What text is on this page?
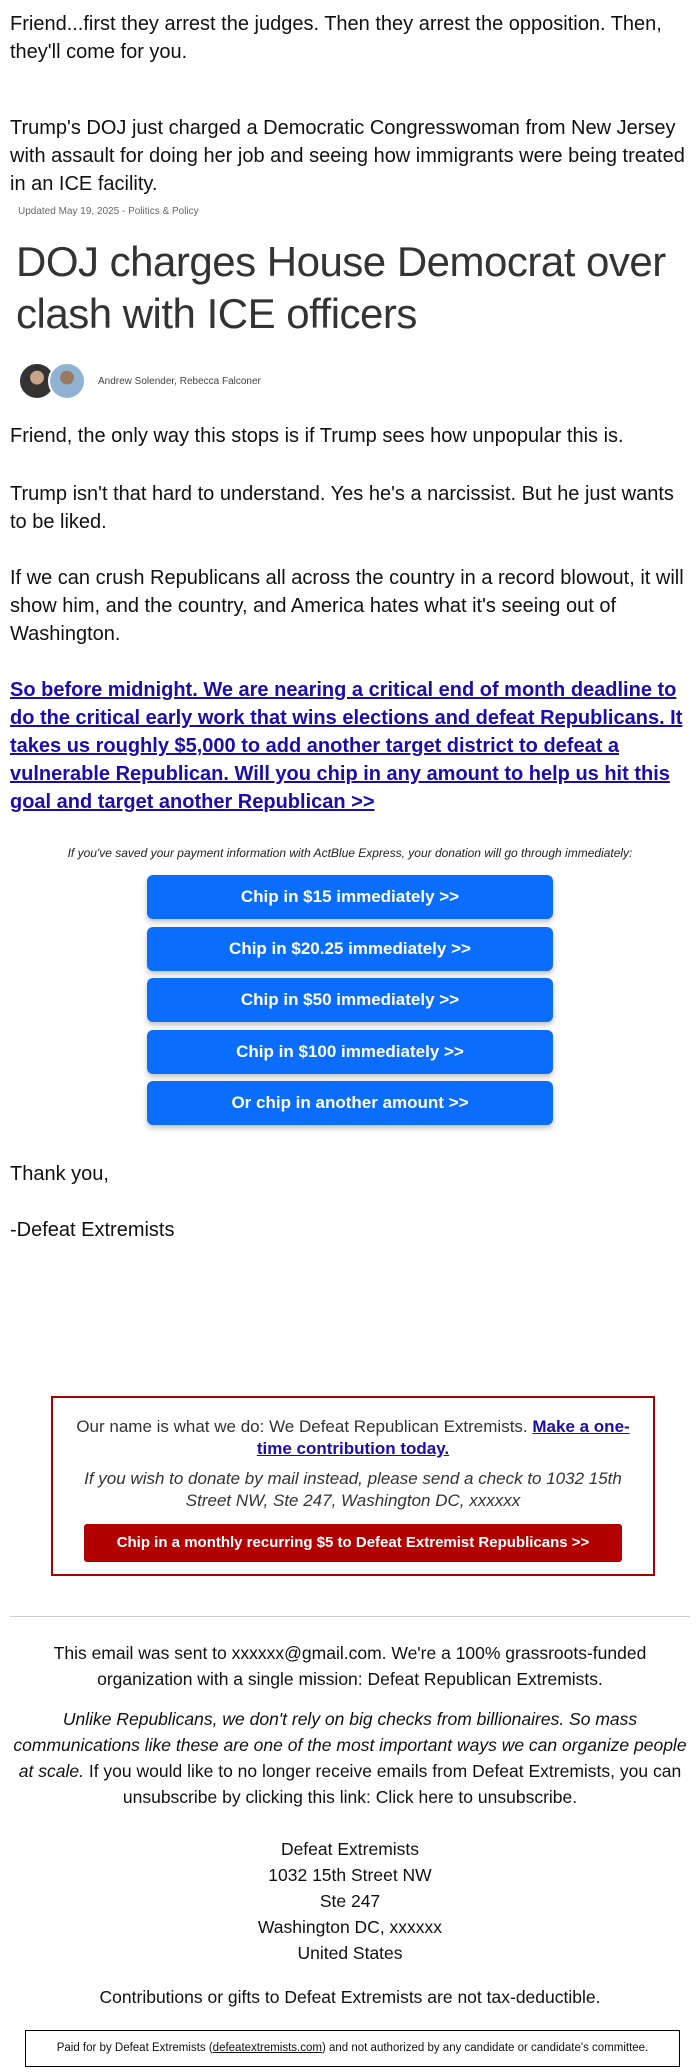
Friend...first they arrest the judges. Then they arrest the opposition. Then, they'll come for you.

Trump's DOJ just charged a Democratic Congresswoman from New Jersey with assault for doing her job and seeing how immigrants were being treated in an ICE facility.

Updated May 19, 2025 - Politics & Policy
DOJ charges House Democrat over clash with ICE officers
Andrew Solender, Rebecca Falconer

Friend, the only way this stops is if Trump sees how unpopular this is.

Trump isn't that hard to understand. Yes he's a narcissist. But he just wants to be liked.

If we can crush Republicans all across the country in a record blowout, it will show him, and the country, and America hates what it's seeing out of Washington.

So before midnight. We are nearing a critical end of month deadline to do the critical early work that wins elections and defeat Republicans. It takes us roughly $5,000 to add another target district to defeat a vulnerable Republican. Will you chip in any amount to help us hit this goal and target another Republican >>

If you've saved your payment information with ActBlue Express, your donation will go through immediately:
Chip in $15 immediately >>
Chip in $20.25 immediately >>
Chip in $50 immediately >>
Chip in $100 immediately >>
Or chip in another amount >>

Thank you,

-Defeat Extremists

Our name is what we do: We Defeat Republican Extremists. Make a one-time contribution today.
If you wish to donate by mail instead, please send a check to 1032 15th Street NW, Ste 247, Washington DC, xxxxxx
Chip in a monthly recurring $5 to Defeat Extremist Republicans >>
This email was sent to xxxxxx@gmail.com. We're a 100% grassroots-funded organization with a single mission: Defeat Republican Extremists.
Unlike Republicans, we don't rely on big checks from billionaires. So mass communications like these are one of the most important ways we can organize people at scale. If you would like to no longer receive emails from Defeat Extremists, you can unsubscribe by clicking this link: Click here to unsubscribe.
Defeat Extremists
1032 15th Street NW
Ste 247
Washington DC, xxxxxx
United States
Contributions or gifts to Defeat Extremists are not tax-deductible.
Paid for by Defeat Extremists (defeatextremists.com) and not authorized by any candidate or candidate's committee.
